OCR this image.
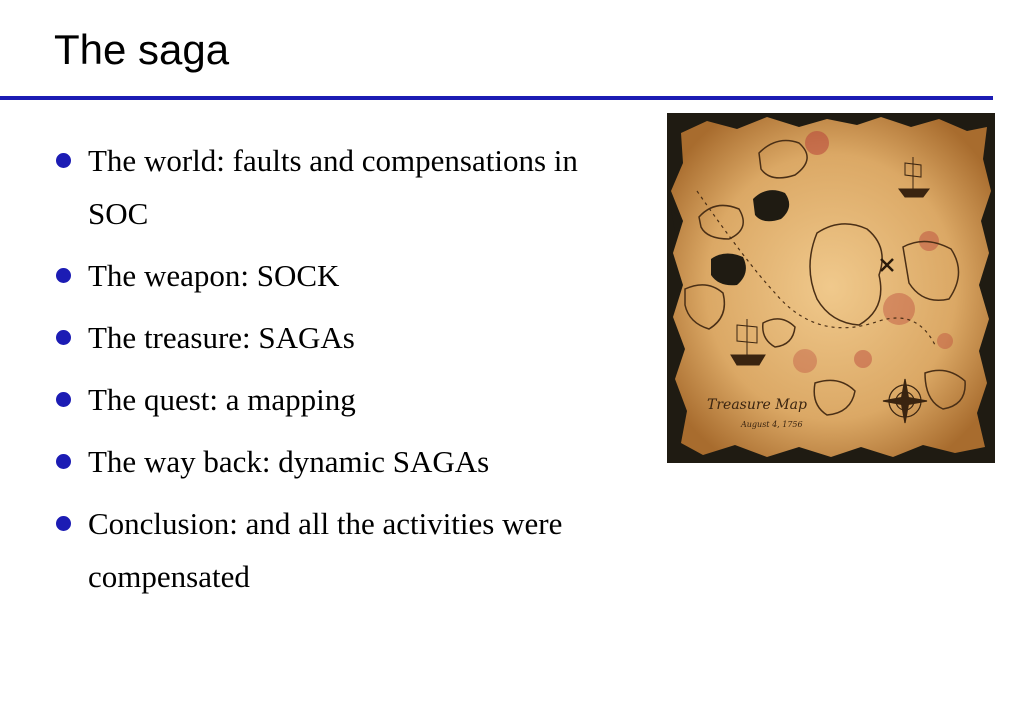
The saga
The world: faults and compensations in SOC
The weapon: SOCK
The treasure: SAGAs
The quest: a mapping
The way back: dynamic SAGAs
Conclusion: and all the activities were compensated
Treasure Map
August 4, 1756
